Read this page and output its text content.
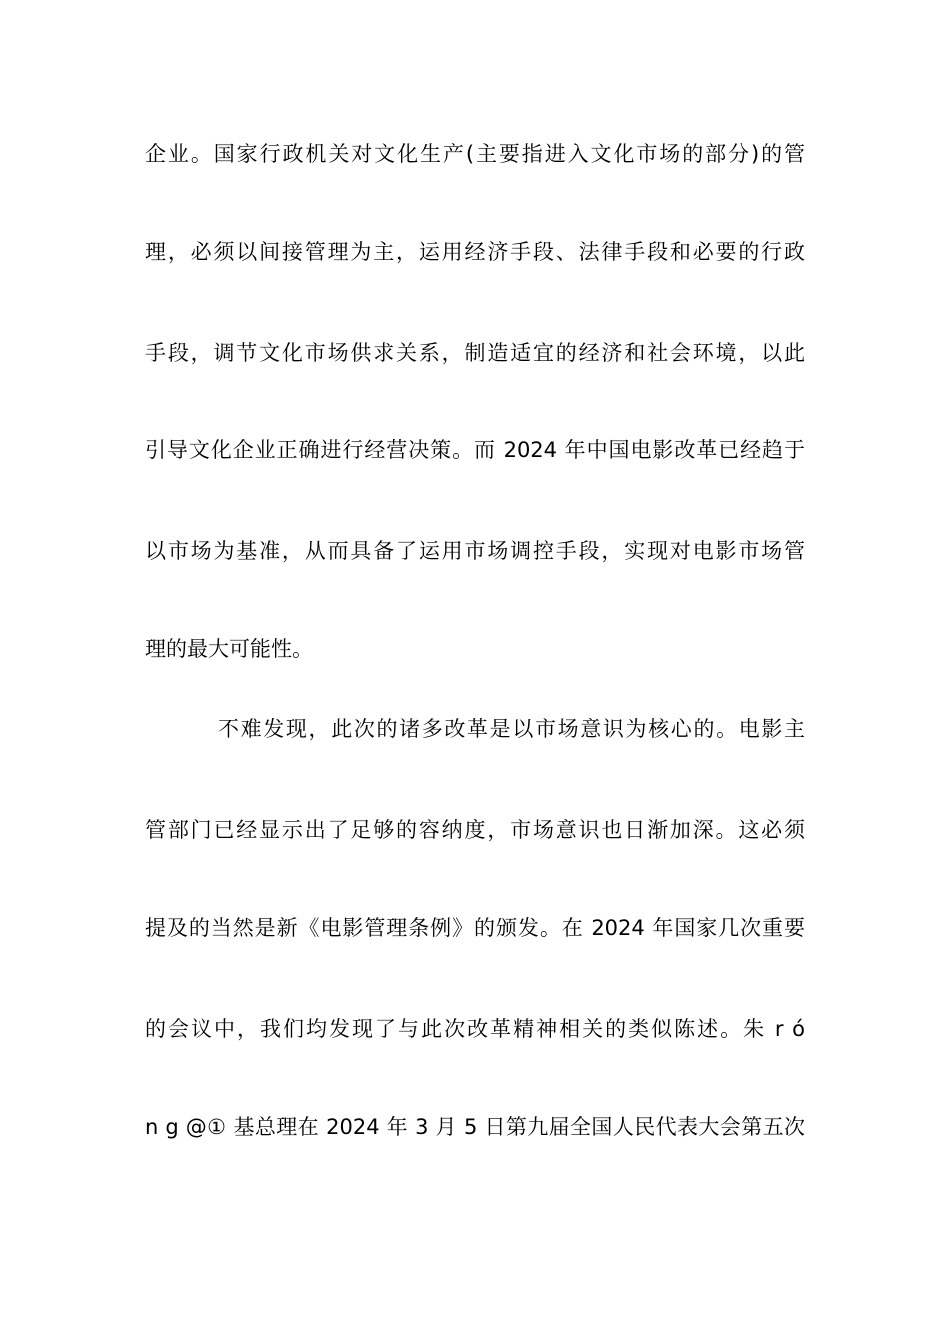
企业。国家行政机关对文化生产(主要指进入文化市场的部分)的管
理，必须以间接管理为主，运用经济手段、法律手段和必要的行政
手段，调节文化市场供求关系，制造适宜的经济和社会环境，以此
引导文化企业正确进行经营决策。而 2024 年中国电影改革已经趋于
以市场为基准，从而具备了运用市场调控手段，实现对电影市场管
理的最大可能性。
不难发现，此次的诸多改革是以市场意识为核心的。电影主
管部门已经显示出了足够的容纳度，市场意识也日渐加深。这必须
提及的当然是新《电影管理条例》的颁发。在 2024 年国家几次重要
的会议中，我们均发现了与此次改革精神相关的类似陈述。朱 r ó
n g @① 基总理在 2024 年 3 月 5 日第九届全国人民代表大会第五次
